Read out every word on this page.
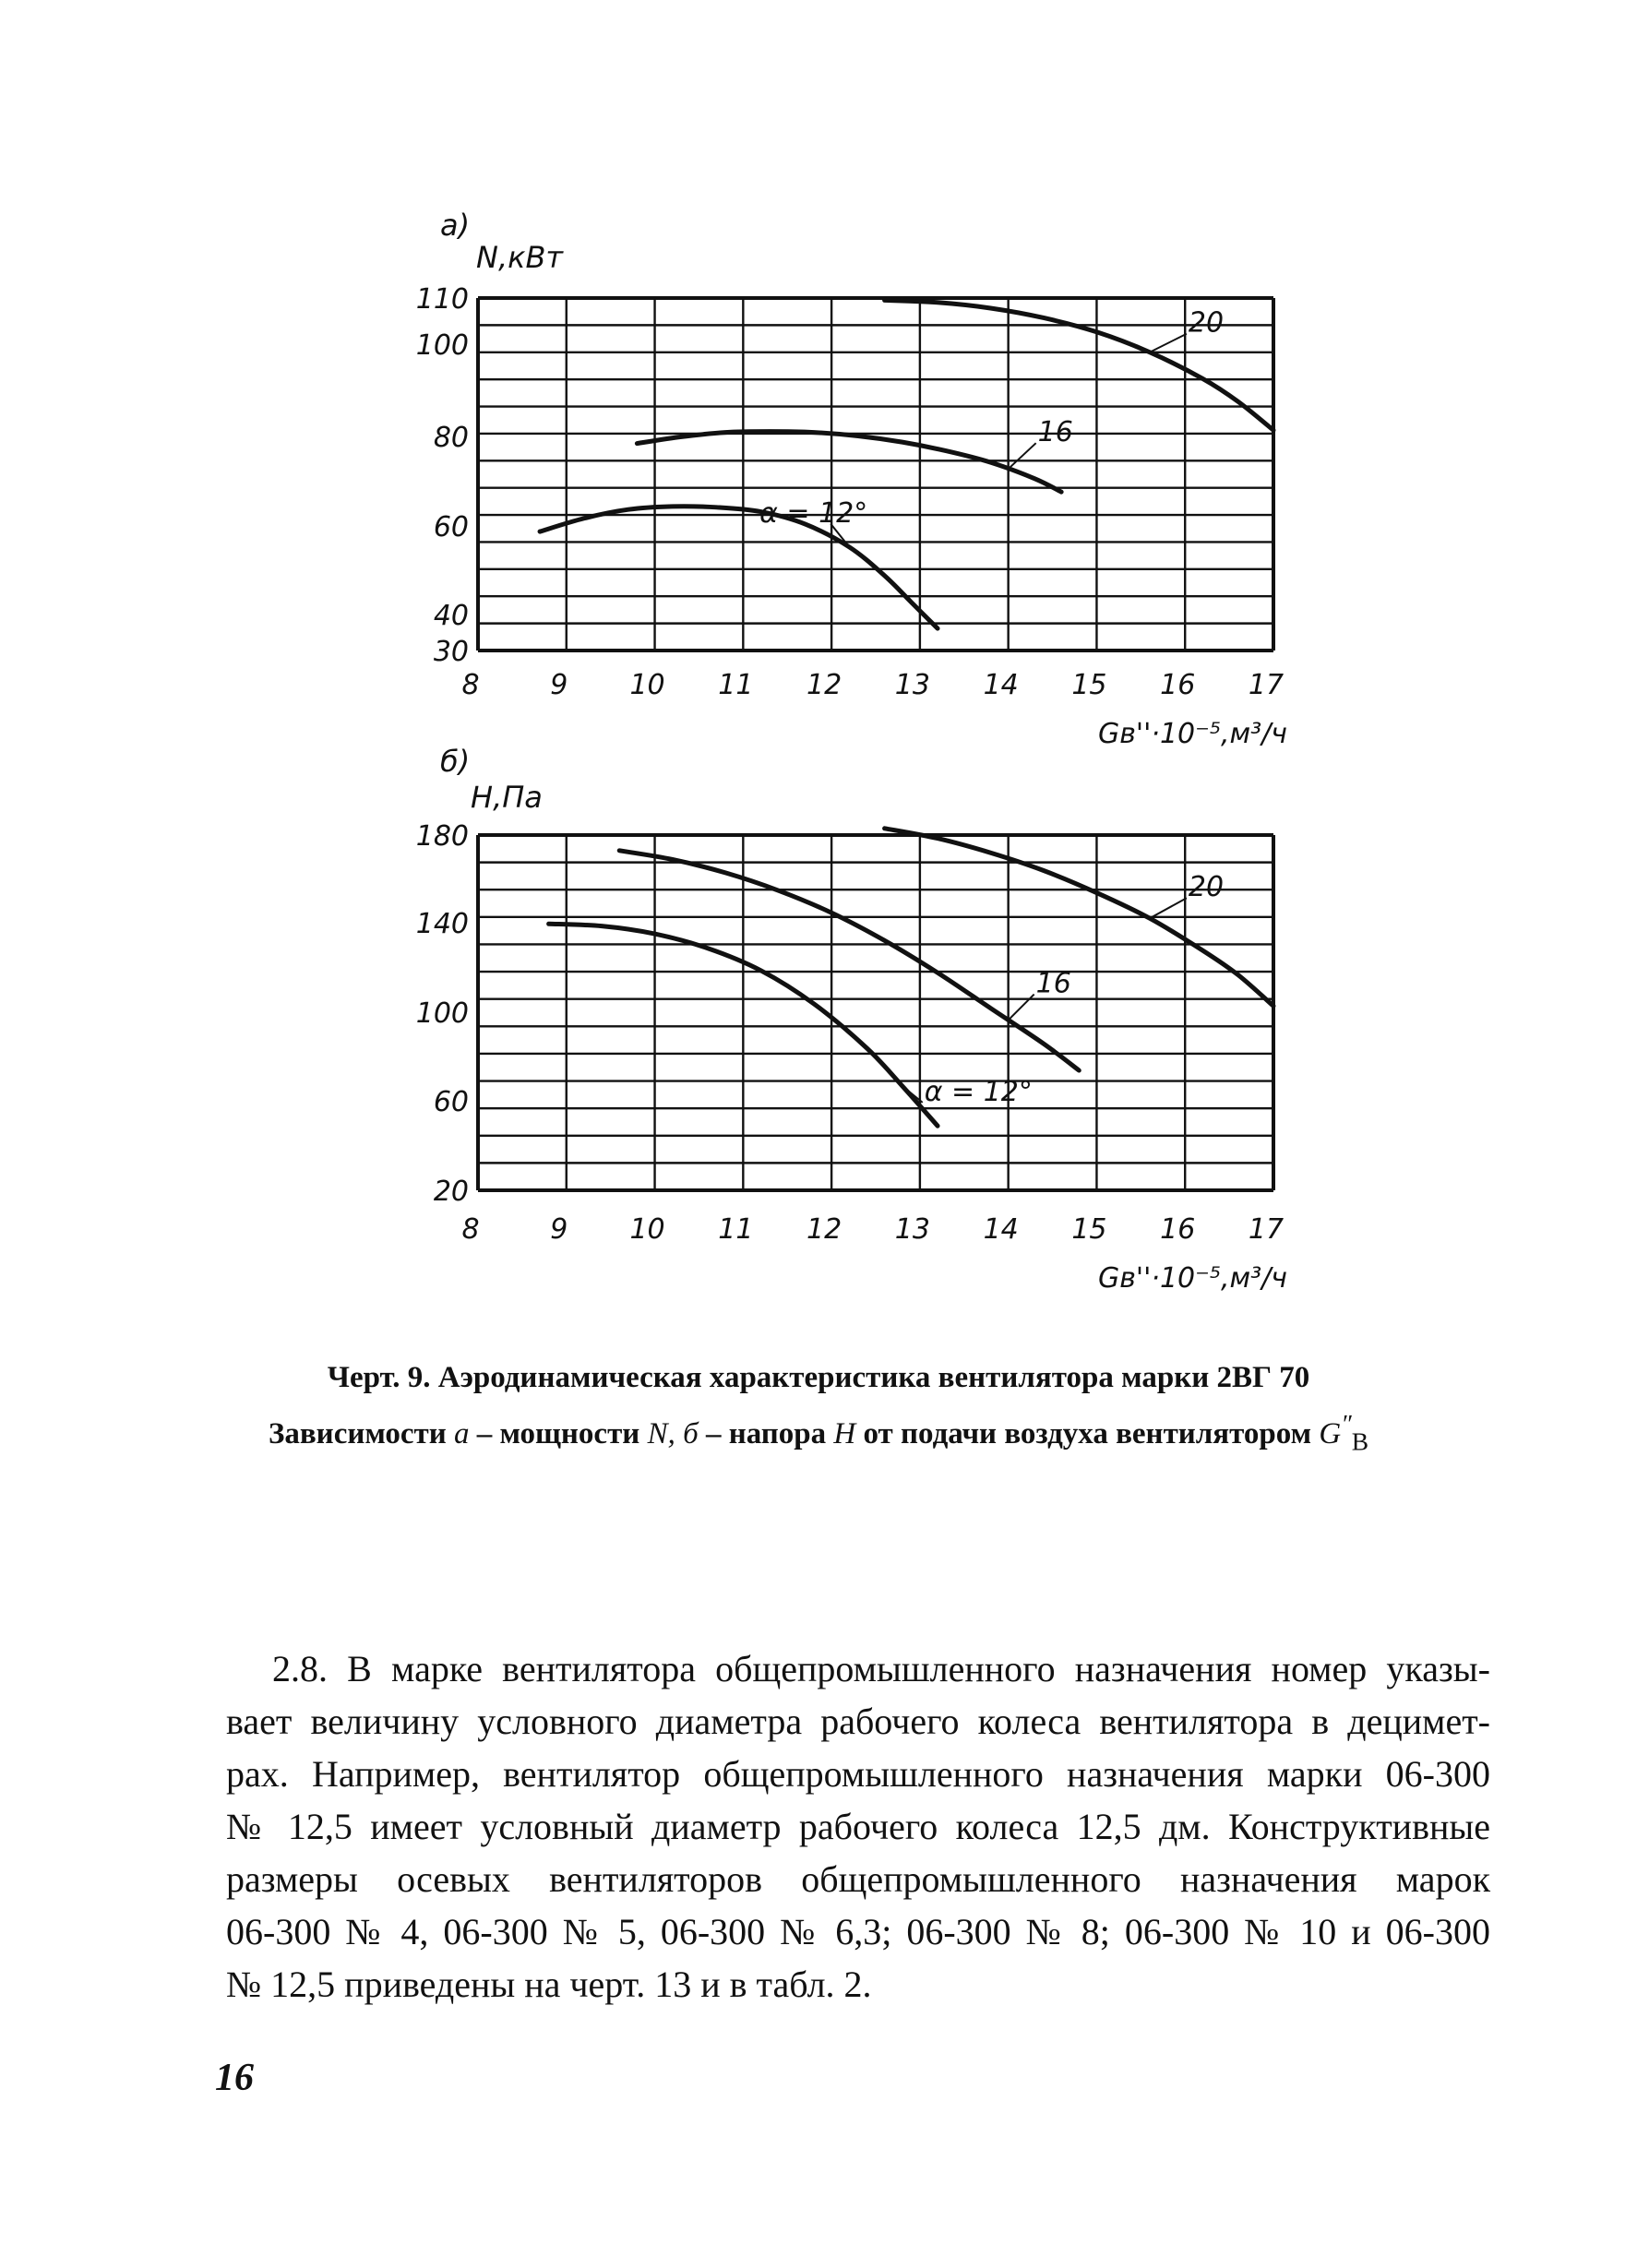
а)
N,кВт
Gв''·10⁻⁵,м³/ч
30
40
60
80
100
110
8	9 10 11 12 13 14 15 16 17
α = 12°
16
20
б)
H,Па
Gв''·10⁻⁵,м³/ч
20
60
100
140
180
8	9 10 11 12 13 14 15 16 17
α = 12°
16
20
Черт. 9. Аэродинамическая характеристика вентилятора марки 2ВГ 70
Зависимости а – мощности N, б – напора H от подачи воздуха вентилятором $G''_В$
2.8. В марке вентилятора общепромышленного назначения номер указы-
вает величину условного диаметра рабочего колеса вентилятора в децимет-
рах. Например, вентилятор общепромышленного назначения марки 06-300
№ 12,5 имеет условный диаметр рабочего колеса 12,5 дм. Конструктивные
размеры осевых вентиляторов общепромышленного назначения марок
06-300 № 4, 06-300 № 5, 06-300 № 6,3; 06-300 № 8; 06-300 № 10 и 06-300
№ 12,5 приведены на черт. 13 и в табл. 2.
16
